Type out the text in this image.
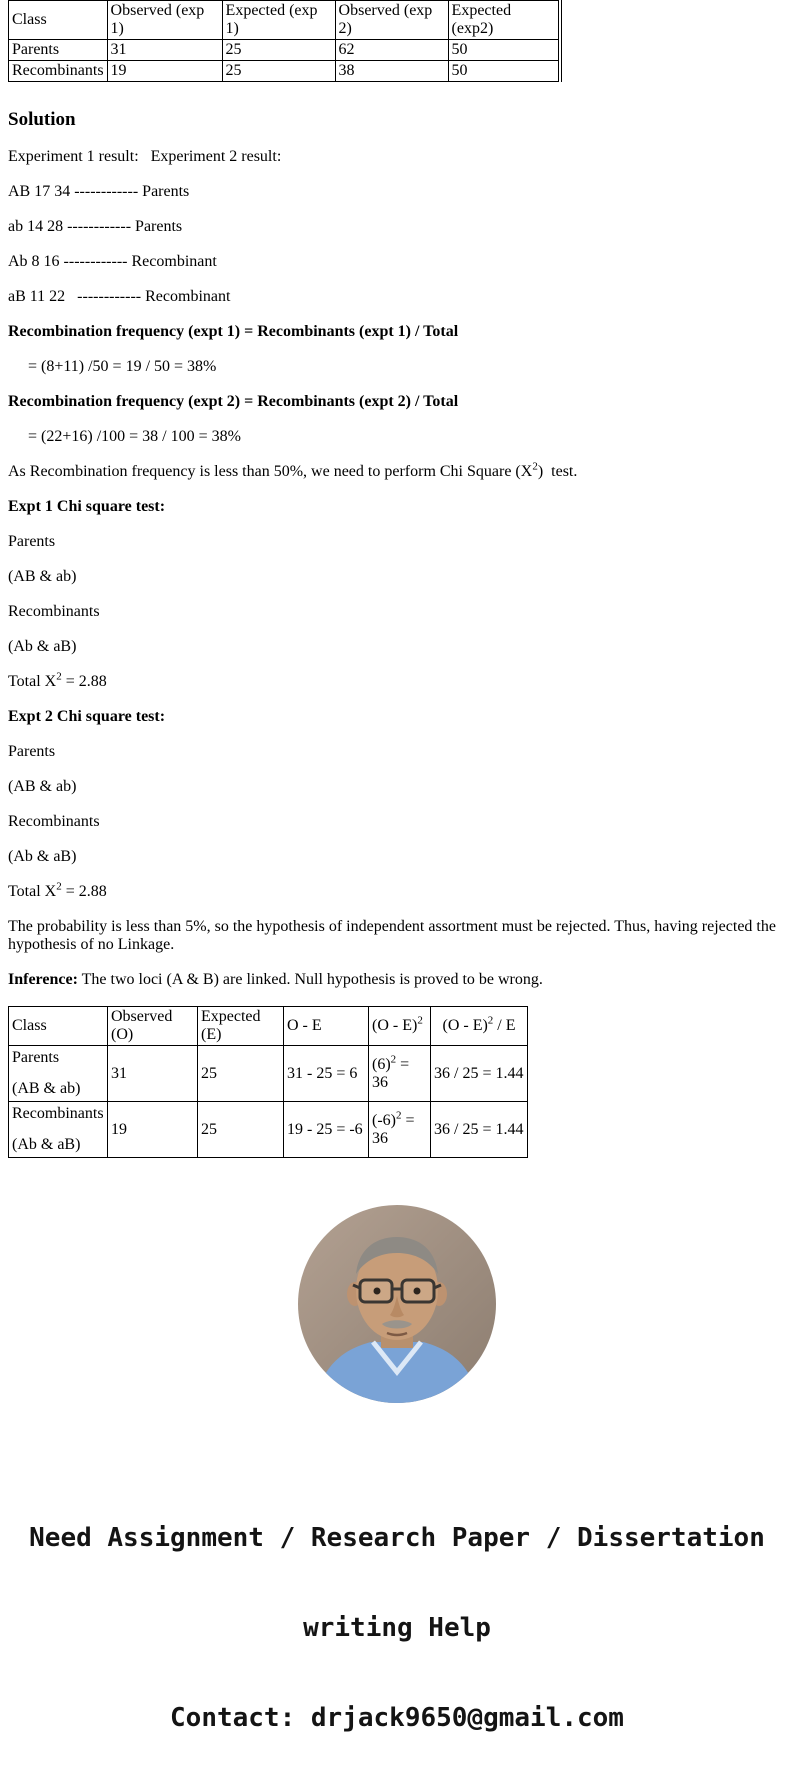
Class	Observed (exp 1)	Expected (exp 1)	Observed (exp 2)	Expected (exp2)
Parents	31	25	62	50
Recombinants	19	25	38	50
Solution

Experiment 1 result:   Experiment 2 result:

AB 17 34 ------------ Parents

ab 14 28 ------------ Parents

Ab 8 16 ------------ Recombinant

aB 11 22   ------------ Recombinant

Recombination frequency (expt 1) = Recombinants (expt 1) / Total

= (8+11) /50 = 19 / 50 = 38%

Recombination frequency (expt 2) = Recombinants (expt 2) / Total

= (22+16) /100 = 38 / 100 = 38%

As Recombination frequency is less than 50%, we need to perform Chi Square $(X^2)$  test.

Expt 1 Chi square test:

Parents

(AB & ab)

Recombinants

(Ab & aB)

Total $X^2 = 2.88$

Expt 2 Chi square test:

Parents

(AB & ab)

Recombinants

(Ab & aB)

Total $X^2 = 2.88$

The probability is less than 5%, so the hypothesis of independent assortment must be rejected. Thus, having rejected the hypothesis of no Linkage.

Inference: The two loci (A & B) are linked. Null hypothesis is proved to be wrong.

Class	Observed (O)	Expected (E)	O - E	(O - E)$^2$	(O - E)$^2$ / E

Parents
(AB & ab)	31	25	31 - 25 = 6	$(6)^2 = 36$	36 / 25 = 1.44

Recombinants
(Ab & aB)	19	25	19 - 25 = -6	$(-6)^2 = 36$	36 / 25 = 1.44

Need Assignment / Research Paper / Dissertation

writing Help

Contact: drjack9650@gmail.com
